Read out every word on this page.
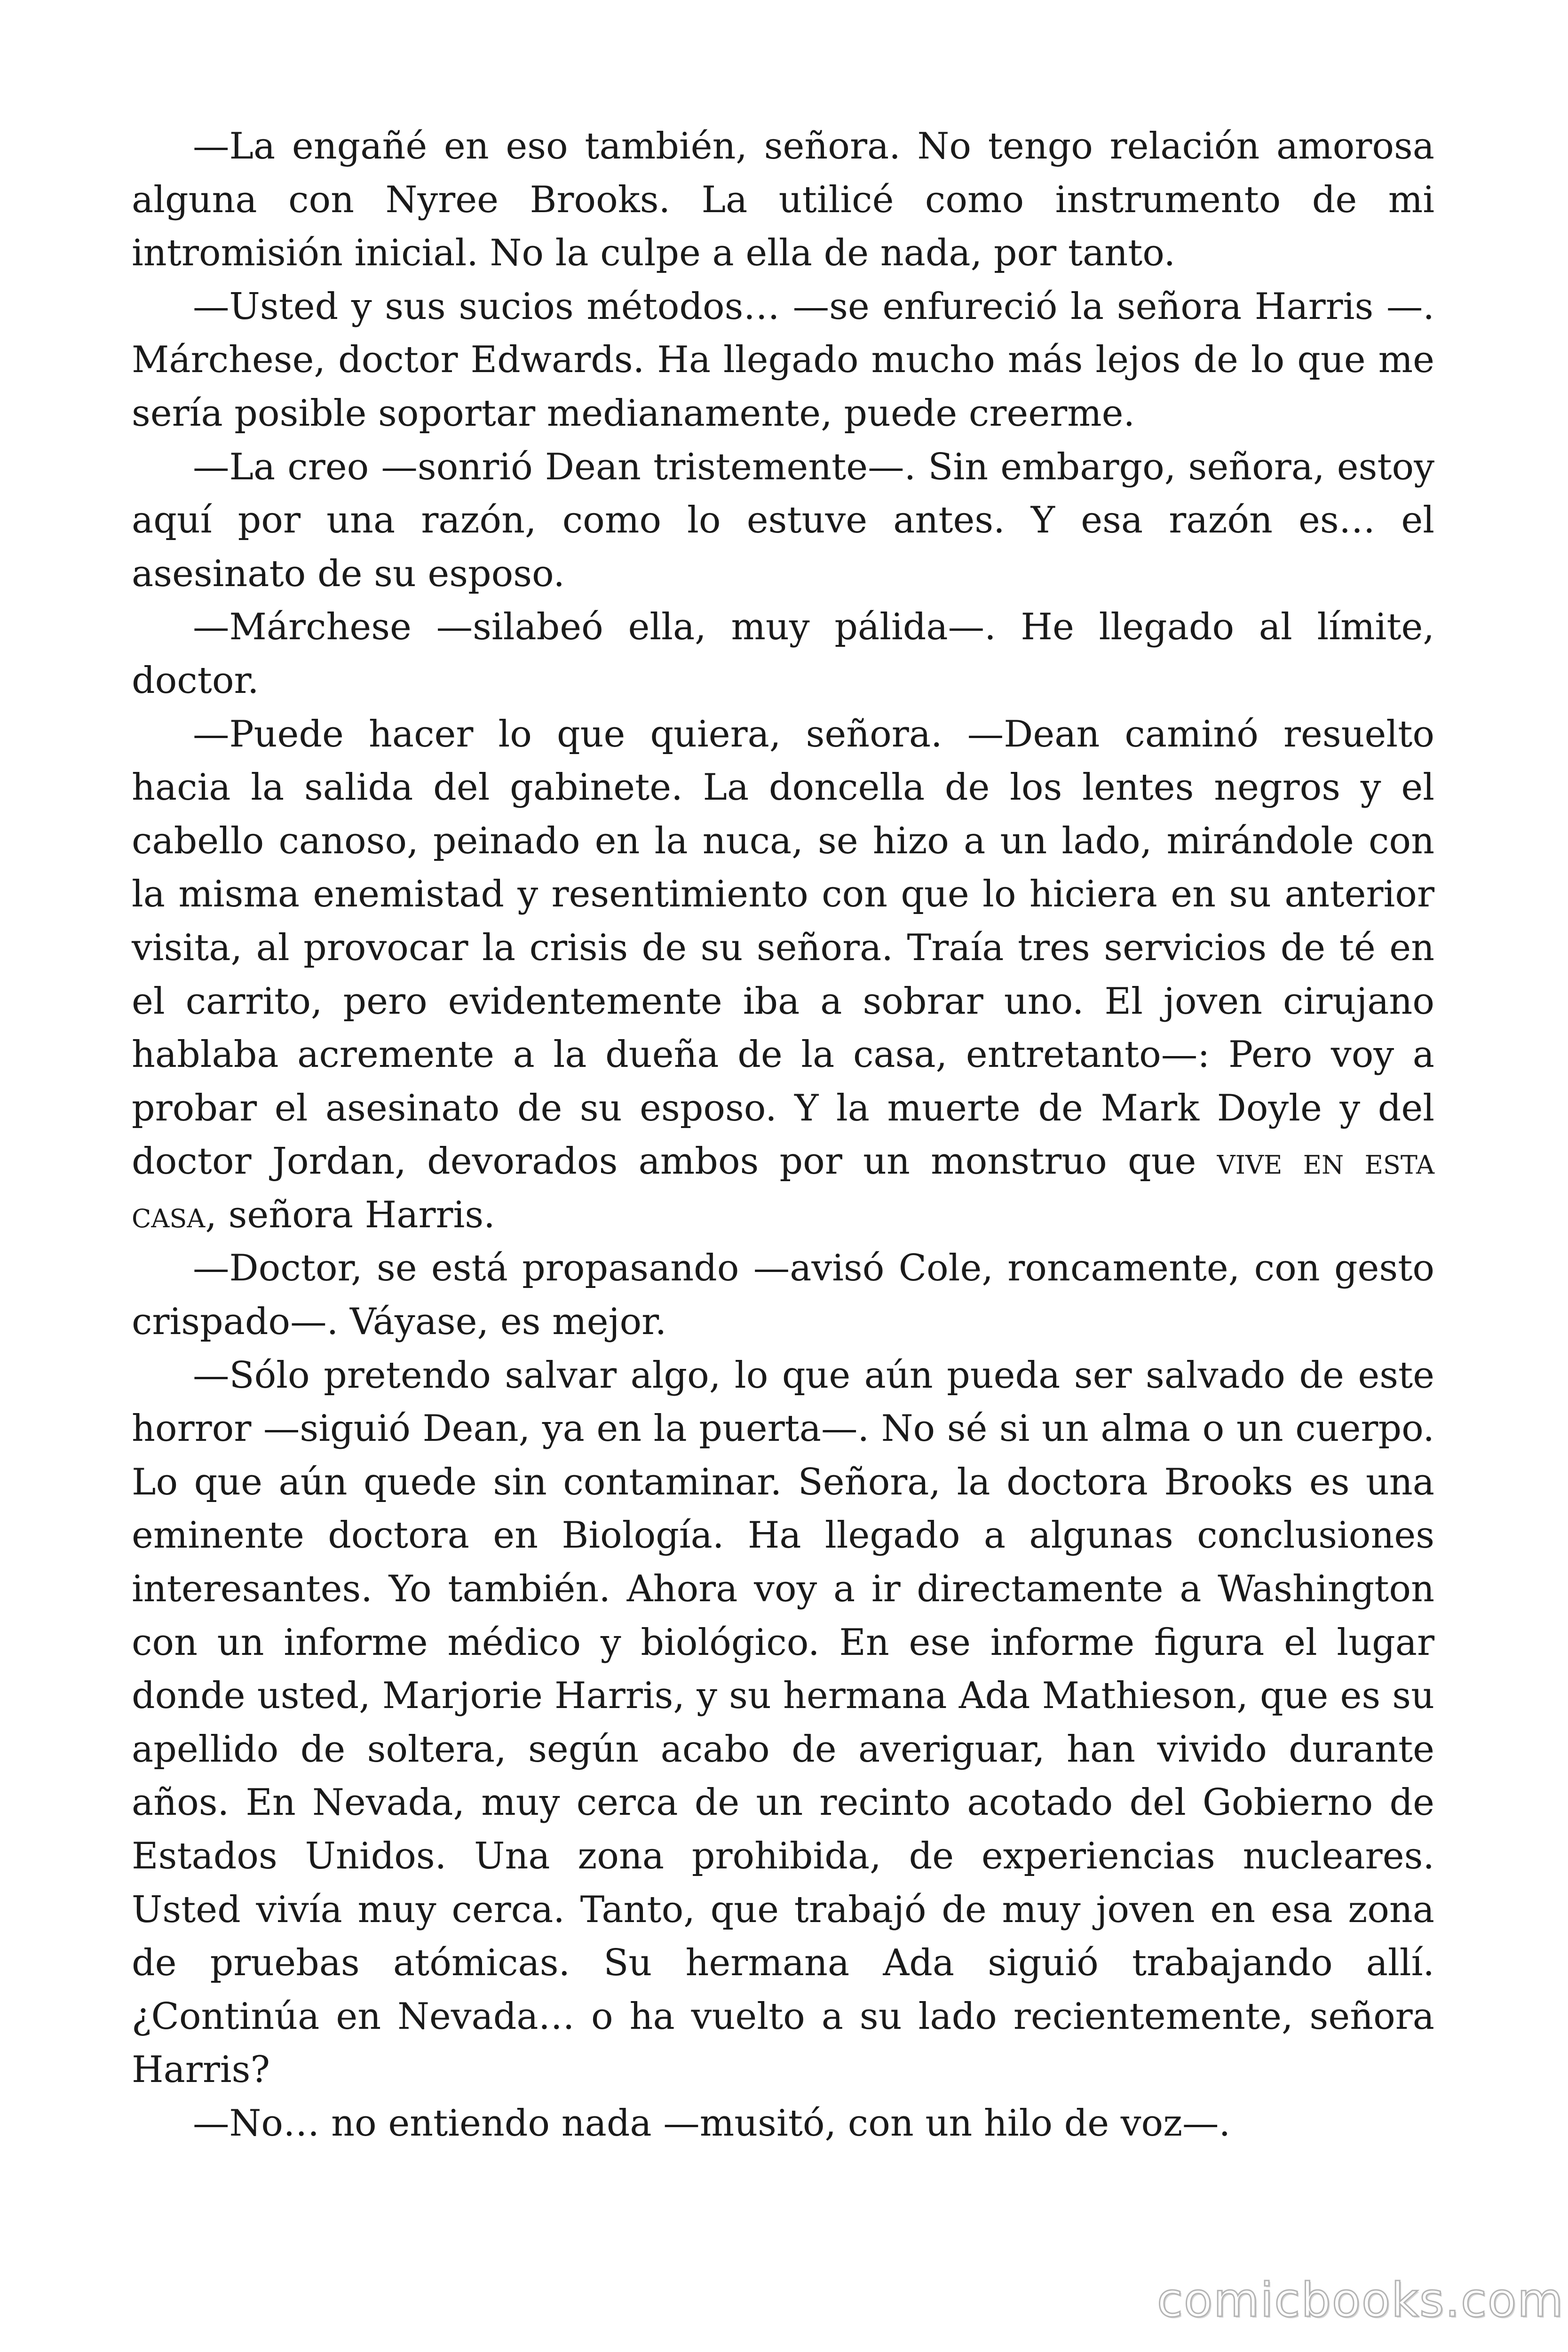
—La engañé en eso también, señora. No tengo relación amorosa alguna con Nyree Brooks. La utilicé como instrumento de mi intromisión inicial. No la culpe a ella de nada, por tanto.

—Usted y sus sucios métodos… —se enfureció la señora Harris —. Márchese, doctor Edwards. Ha llegado mucho más lejos de lo que me sería posible soportar medianamente, puede creerme.

—La creo —sonrió Dean tristemente—. Sin embargo, señora, estoy aquí por una razón, como lo estuve antes. Y esa razón es… el asesinato de su esposo.

—Márchese —silabeó ella, muy pálida—. He llegado al límite, doctor.

—Puede hacer lo que quiera, señora. —Dean caminó resuelto hacia la salida del gabinete. La doncella de los lentes negros y el cabello canoso, peinado en la nuca, se hizo a un lado, mirándole con la misma enemistad y resentimiento con que lo hiciera en su anterior visita, al provocar la crisis de su señora. Traía tres servicios de té en el carrito, pero evidentemente iba a sobrar uno. El joven cirujano hablaba acremente a la dueña de la casa, entretanto—: Pero voy a probar el asesinato de su esposo. Y la muerte de Mark Doyle y del doctor Jordan, devorados ambos por un monstruo que vive en esta casa, señora Harris.

—Doctor, se está propasando —avisó Cole, roncamente, con gesto crispado—. Váyase, es mejor.

—Sólo pretendo salvar algo, lo que aún pueda ser salvado de este horror —siguió Dean, ya en la puerta—. No sé si un alma o un cuerpo. Lo que aún quede sin contaminar. Señora, la doctora Brooks es una eminente doctora en Biología. Ha llegado a algunas conclusiones interesantes. Yo también. Ahora voy a ir directamente a Washington con un informe médico y biológico. En ese informe figura el lugar donde usted, Marjorie Harris, y su hermana Ada Mathieson, que es su apellido de soltera, según acabo de averiguar, han vivido durante años. En Nevada, muy cerca de un recinto acotado del Gobierno de Estados Unidos. Una zona prohibida, de experiencias nucleares. Usted vivía muy cerca. Tanto, que trabajó de muy joven en esa zona de pruebas atómicas. Su hermana Ada siguió trabajando allí. ¿Continúa en Nevada… o ha vuelto a su lado recientemente, señora Harris?

—No… no entiendo nada —musitó, con un hilo de voz—.

comicbooks.com
